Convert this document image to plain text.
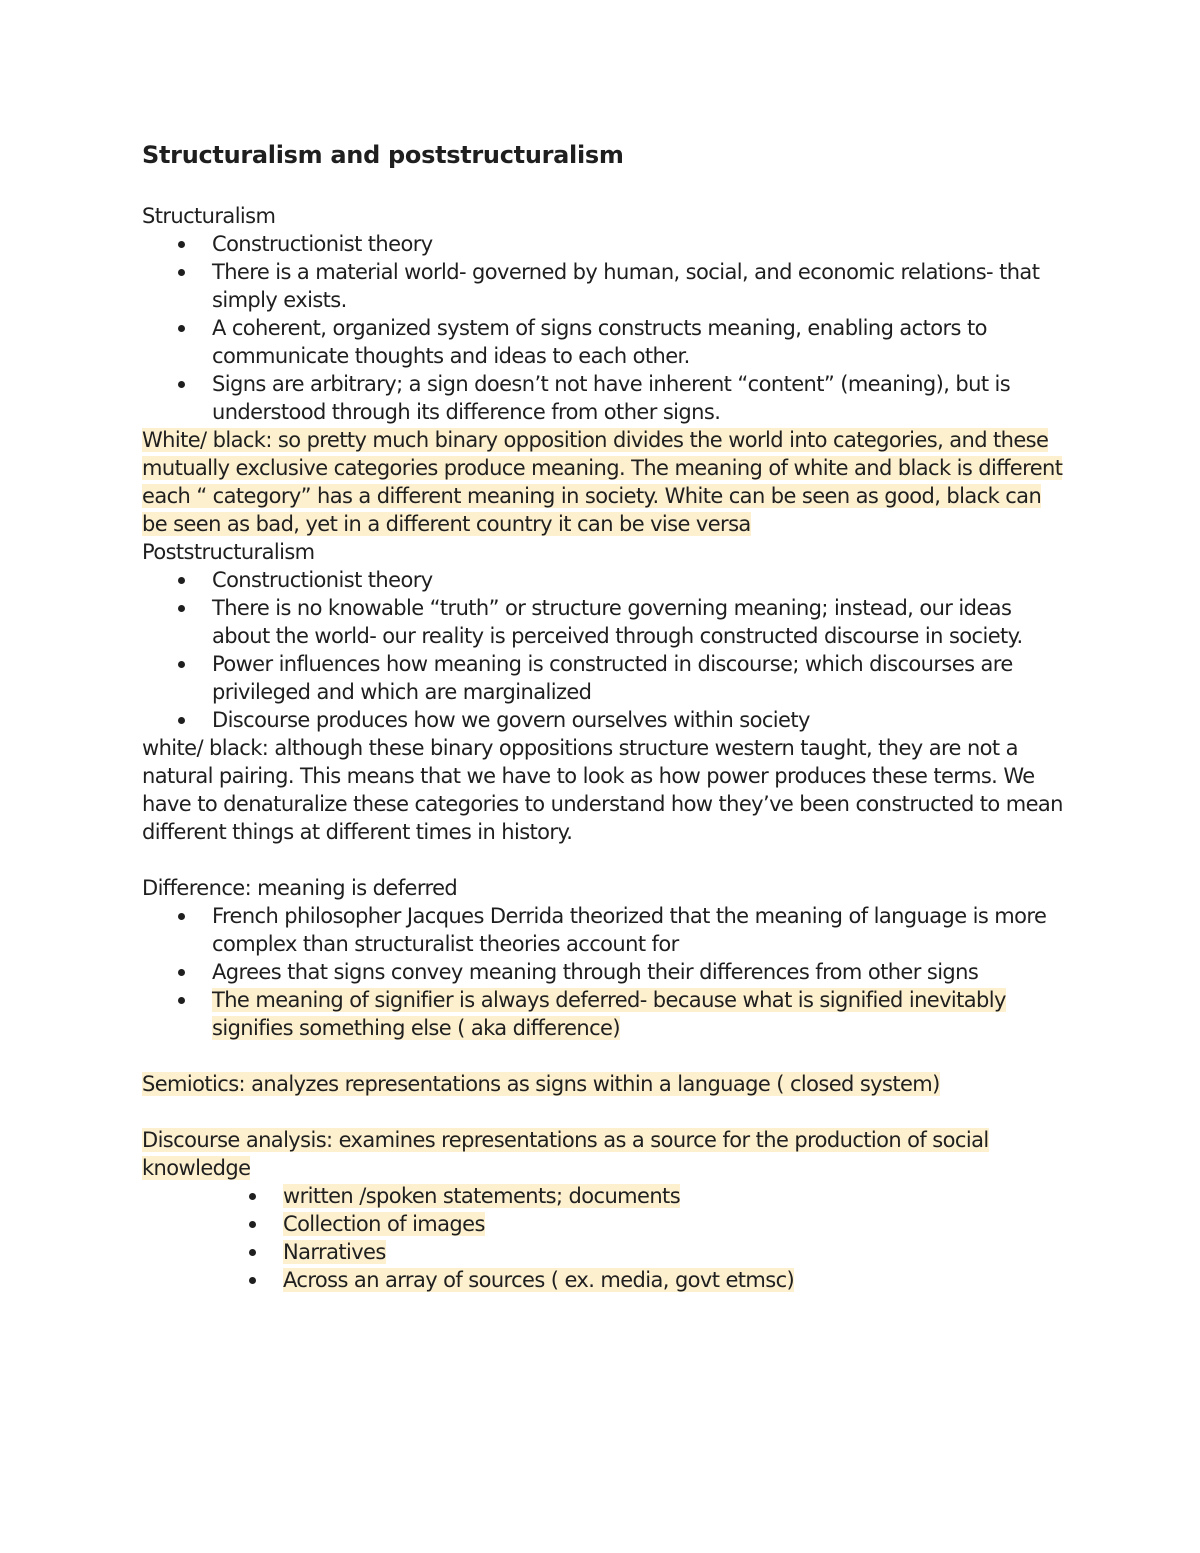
Structuralism and poststructuralism

Structuralism

Constructionist theory
There is a material world- governed by human, social, and economic relations- that simply exists.
A coherent, organized system of signs constructs meaning, enabling actors to communicate thoughts and ideas to each other.
Signs are arbitrary; a sign doesn’t not have inherent “content” (meaning), but is understood through its difference from other signs.

White/ black: so pretty much binary opposition divides the world into categories, and these mutually exclusive categories produce meaning. The meaning of white and black is different each “ category” has a different meaning in society. White can be seen as good, black can be seen as bad, yet in a different country it can be vise versa

Poststructuralism

Constructionist theory
There is no knowable “truth” or structure governing meaning; instead, our ideas about the world- our reality is perceived through constructed discourse in society.
Power influences how meaning is constructed in discourse; which discourses are privileged and which are marginalized
Discourse produces how we govern ourselves within society

white/ black: although these binary oppositions structure western taught, they are not a natural pairing. This means that we have to look as how power produces these terms. We have to denaturalize these categories to understand how they’ve been constructed to mean different things at different times in history.

Difference: meaning is deferred

French philosopher Jacques Derrida theorized that the meaning of language is more complex than structuralist theories account for
Agrees that signs convey meaning through their differences from other signs
The meaning of signifier is always deferred- because what is signified inevitably signifies something else ( aka difference)

Semiotics: analyzes representations as signs within a language ( closed system)

Discourse analysis: examines representations as a source for the production of social knowledge

written /spoken statements; documents
Collection of images
Narratives
Across an array of sources ( ex. media, govt etmsc)
